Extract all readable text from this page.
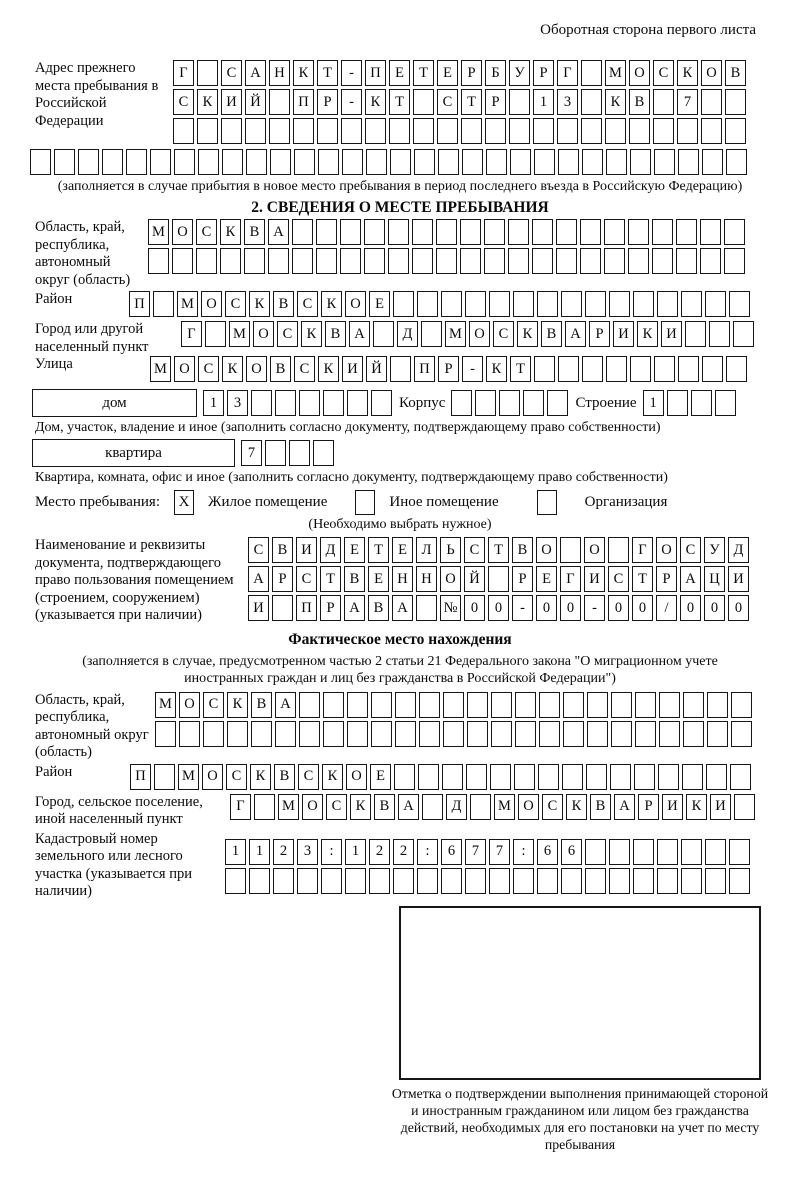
Оборотная сторона первого листа
Адрес прежнего места пребывания в Российской Федерации
Г	С А Н К	Т	-	П Е	Т	Е	Р	Б	У	Р	Г	М О С К О В
С К И Й	П	Р	-	К	Т	С	Т	Р	1	3	К В	7
(заполняется в случае прибытия в новое место пребывания в период последнего въезда в Российскую Федерацию)
2. СВЕДЕНИЯ О МЕСТЕ ПРЕБЫВАНИЯ
Область, край, республика, автономный округ (область)
М О С К В А
Район	П	М О С К В С К О Е
Город или другой населенный пункт
Г	М О С К В А	Д	М О С К В А	Р	И К И
Улица	М О С К О В С К И Й	П	Р	-	К	Т
дом	1	3	Корпус	Строение 1
Дом, участок, владение и иное (заполнить согласно документу, подтверждающему право собственности)
квартира	7
Квартира, комната, офис и иное (заполнить согласно документу, подтверждающему право собственности)
Место пребывания:	X	Жилое помещение	Иное помещение	Организация
(Необходимо выбрать нужное)
Наименование и реквизиты документа, подтверждающего право пользования помещением (строением, сооружением) (указывается при наличии)
С В И Д	Е	Т	Е	Л	Ь	С	Т	В О	О	Г	О С У Д
А	Р	С	Т	В	Е Н Н О Й	Р	Е	Г	И С	Т	Р	А Ц И
И	П	Р	А В А	№ 0	0	-	0	0	-	0	0	/	0	0	0
Фактическое место нахождения
(заполняется в случае, предусмотренном частью 2 статьи 21 Федерального закона "О миграционном учете иностранных граждан и лиц без гражданства в Российской Федерации")
Область, край, республика, автономный округ (область)
М О С К В А
Район	П	М О С К В С К О Е
Город, сельское поселение, иной населенный пункт
Г	М О С К В А	Д	М О С К В А	Р	И К И
Кадастровый номер земельного или лесного участка (указывается при наличии)
1	1	2	3	:	1	2	2	:	6	7	7	:	6	6
Отметка о подтверждении выполнения принимающей стороной и иностранным гражданином или лицом без гражданства действий, необходимых для его постановки на учет по месту пребывания
